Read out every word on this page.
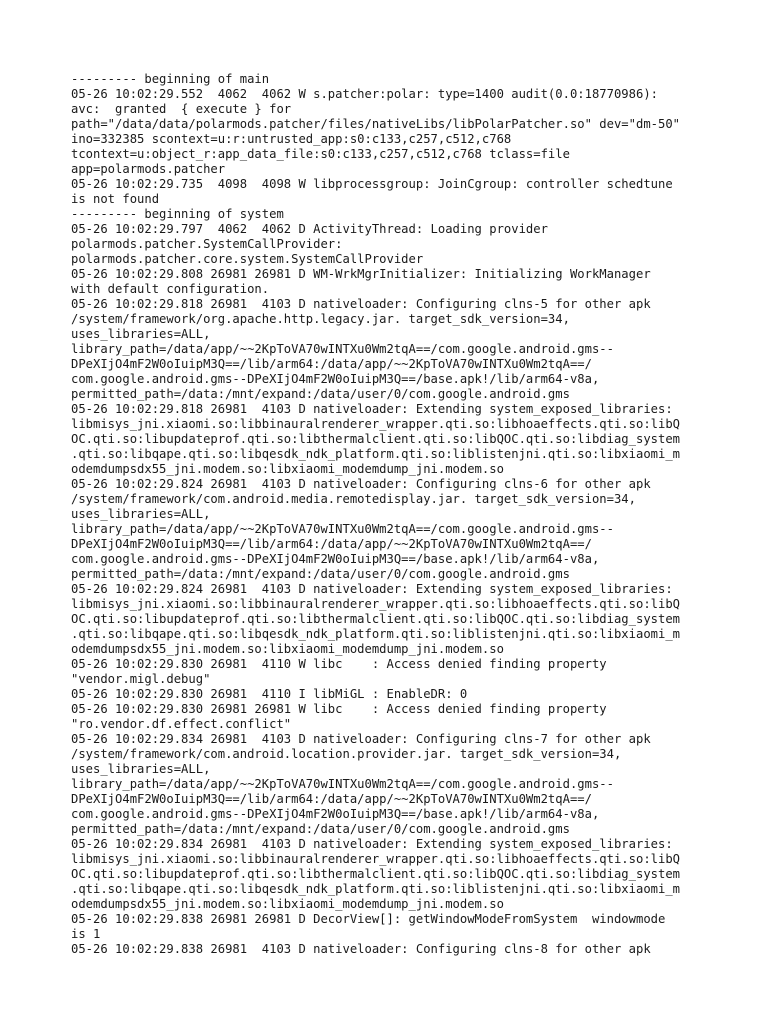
--------- beginning of main
05-26 10:02:29.552  4062  4062 W s.patcher:polar: type=1400 audit(0.0:18770986):
avc:  granted  { execute } for
path="/data/data/polarmods.patcher/files/nativeLibs/libPolarPatcher.so" dev="dm-50"
ino=332385 scontext=u:r:untrusted_app:s0:c133,c257,c512,c768
tcontext=u:object_r:app_data_file:s0:c133,c257,c512,c768 tclass=file
app=polarmods.patcher
05-26 10:02:29.735  4098  4098 W libprocessgroup: JoinCgroup: controller schedtune
is not found
--------- beginning of system
05-26 10:02:29.797  4062  4062 D ActivityThread: Loading provider
polarmods.patcher.SystemCallProvider:
polarmods.patcher.core.system.SystemCallProvider
05-26 10:02:29.808 26981 26981 D WM-WrkMgrInitializer: Initializing WorkManager
with default configuration.
05-26 10:02:29.818 26981  4103 D nativeloader: Configuring clns-5 for other apk
/system/framework/org.apache.http.legacy.jar. target_sdk_version=34,
uses_libraries=ALL,
library_path=/data/app/~~2KpToVA70wINTXu0Wm2tqA==/com.google.android.gms--
DPeXIjO4mF2W0oIuipM3Q==/lib/arm64:/data/app/~~2KpToVA70wINTXu0Wm2tqA==/
com.google.android.gms--DPeXIjO4mF2W0oIuipM3Q==/base.apk!/lib/arm64-v8a,
permitted_path=/data:/mnt/expand:/data/user/0/com.google.android.gms
05-26 10:02:29.818 26981  4103 D nativeloader: Extending system_exposed_libraries:
libmisys_jni.xiaomi.so:libbinauralrenderer_wrapper.qti.so:libhoaeffects.qti.so:libQ
OC.qti.so:libupdateprof.qti.so:libthermalclient.qti.so:libQOC.qti.so:libdiag_system
.qti.so:libqape.qti.so:libqesdk_ndk_platform.qti.so:liblistenjni.qti.so:libxiaomi_m
odemdumpsdx55_jni.modem.so:libxiaomi_modemdump_jni.modem.so
05-26 10:02:29.824 26981  4103 D nativeloader: Configuring clns-6 for other apk
/system/framework/com.android.media.remotedisplay.jar. target_sdk_version=34,
uses_libraries=ALL,
library_path=/data/app/~~2KpToVA70wINTXu0Wm2tqA==/com.google.android.gms--
DPeXIjO4mF2W0oIuipM3Q==/lib/arm64:/data/app/~~2KpToVA70wINTXu0Wm2tqA==/
com.google.android.gms--DPeXIjO4mF2W0oIuipM3Q==/base.apk!/lib/arm64-v8a,
permitted_path=/data:/mnt/expand:/data/user/0/com.google.android.gms
05-26 10:02:29.824 26981  4103 D nativeloader: Extending system_exposed_libraries:
libmisys_jni.xiaomi.so:libbinauralrenderer_wrapper.qti.so:libhoaeffects.qti.so:libQ
OC.qti.so:libupdateprof.qti.so:libthermalclient.qti.so:libQOC.qti.so:libdiag_system
.qti.so:libqape.qti.so:libqesdk_ndk_platform.qti.so:liblistenjni.qti.so:libxiaomi_m
odemdumpsdx55_jni.modem.so:libxiaomi_modemdump_jni.modem.so
05-26 10:02:29.830 26981  4110 W libc    : Access denied finding property
"vendor.migl.debug"
05-26 10:02:29.830 26981  4110 I libMiGL : EnableDR: 0
05-26 10:02:29.830 26981 26981 W libc    : Access denied finding property
"ro.vendor.df.effect.conflict"
05-26 10:02:29.834 26981  4103 D nativeloader: Configuring clns-7 for other apk
/system/framework/com.android.location.provider.jar. target_sdk_version=34,
uses_libraries=ALL,
library_path=/data/app/~~2KpToVA70wINTXu0Wm2tqA==/com.google.android.gms--
DPeXIjO4mF2W0oIuipM3Q==/lib/arm64:/data/app/~~2KpToVA70wINTXu0Wm2tqA==/
com.google.android.gms--DPeXIjO4mF2W0oIuipM3Q==/base.apk!/lib/arm64-v8a,
permitted_path=/data:/mnt/expand:/data/user/0/com.google.android.gms
05-26 10:02:29.834 26981  4103 D nativeloader: Extending system_exposed_libraries:
libmisys_jni.xiaomi.so:libbinauralrenderer_wrapper.qti.so:libhoaeffects.qti.so:libQ
OC.qti.so:libupdateprof.qti.so:libthermalclient.qti.so:libQOC.qti.so:libdiag_system
.qti.so:libqape.qti.so:libqesdk_ndk_platform.qti.so:liblistenjni.qti.so:libxiaomi_m
odemdumpsdx55_jni.modem.so:libxiaomi_modemdump_jni.modem.so
05-26 10:02:29.838 26981 26981 D DecorView[]: getWindowModeFromSystem  windowmode
is 1
05-26 10:02:29.838 26981  4103 D nativeloader: Configuring clns-8 for other apk
